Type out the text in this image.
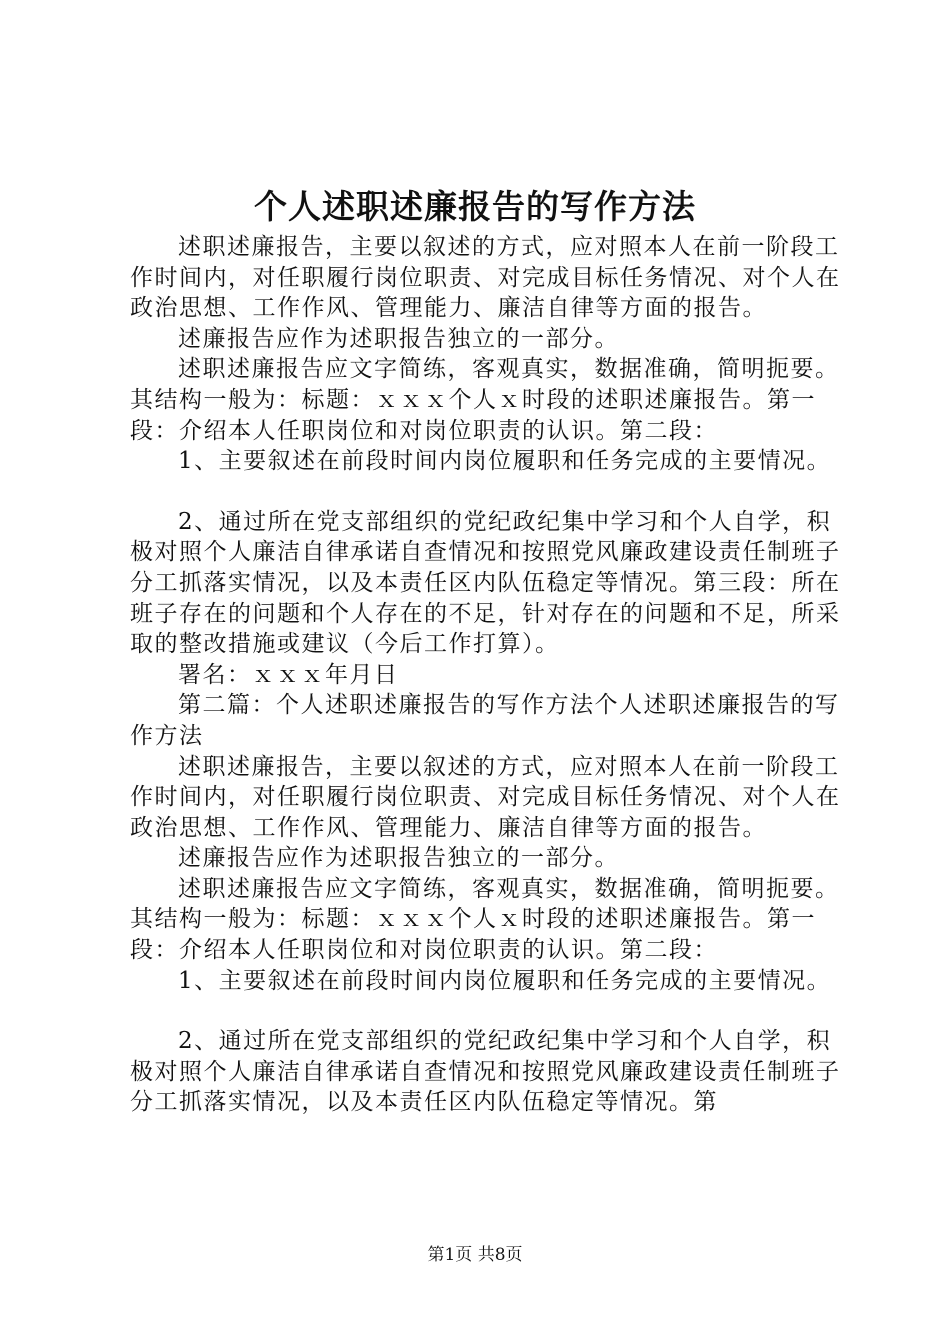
个人述职述廉报告的写作方法

述职述廉报告，主要以叙述的方式，应对照本人在前一阶段工作时间内，对任职履行岗位职责、对完成目标任务情况、对个人在政治思想、工作作风、管理能力、廉洁自律等方面的报告。

述廉报告应作为述职报告独立的一部分。

述职述廉报告应文字简练，客观真实，数据准确，简明扼要。其结构一般为：标题：ｘｘｘ个人ｘ时段的述职述廉报告。第一段：介绍本人任职岗位和对岗位职责的认识。第二段：

1、主要叙述在前段时间内岗位履职和任务完成的主要情况。

2、通过所在党支部组织的党纪政纪集中学习和个人自学，积极对照个人廉洁自律承诺自查情况和按照党风廉政建设责任制班子分工抓落实情况，以及本责任区内队伍稳定等情况。第三段：所在班子存在的问题和个人存在的不足，针对存在的问题和不足，所采取的整改措施或建议（今后工作打算）。

署名：ｘｘｘ年月日

第二篇：个人述职述廉报告的写作方法个人述职述廉报告的写作方法

述职述廉报告，主要以叙述的方式，应对照本人在前一阶段工作时间内，对任职履行岗位职责、对完成目标任务情况、对个人在政治思想、工作作风、管理能力、廉洁自律等方面的报告。

述廉报告应作为述职报告独立的一部分。

述职述廉报告应文字简练，客观真实，数据准确，简明扼要。其结构一般为：标题：ｘｘｘ个人ｘ时段的述职述廉报告。第一段：介绍本人任职岗位和对岗位职责的认识。第二段：

1、主要叙述在前段时间内岗位履职和任务完成的主要情况。

2、通过所在党支部组织的党纪政纪集中学习和个人自学，积极对照个人廉洁自律承诺自查情况和按照党风廉政建设责任制班子分工抓落实情况，以及本责任区内队伍稳定等情况。第

第1页 共8页
